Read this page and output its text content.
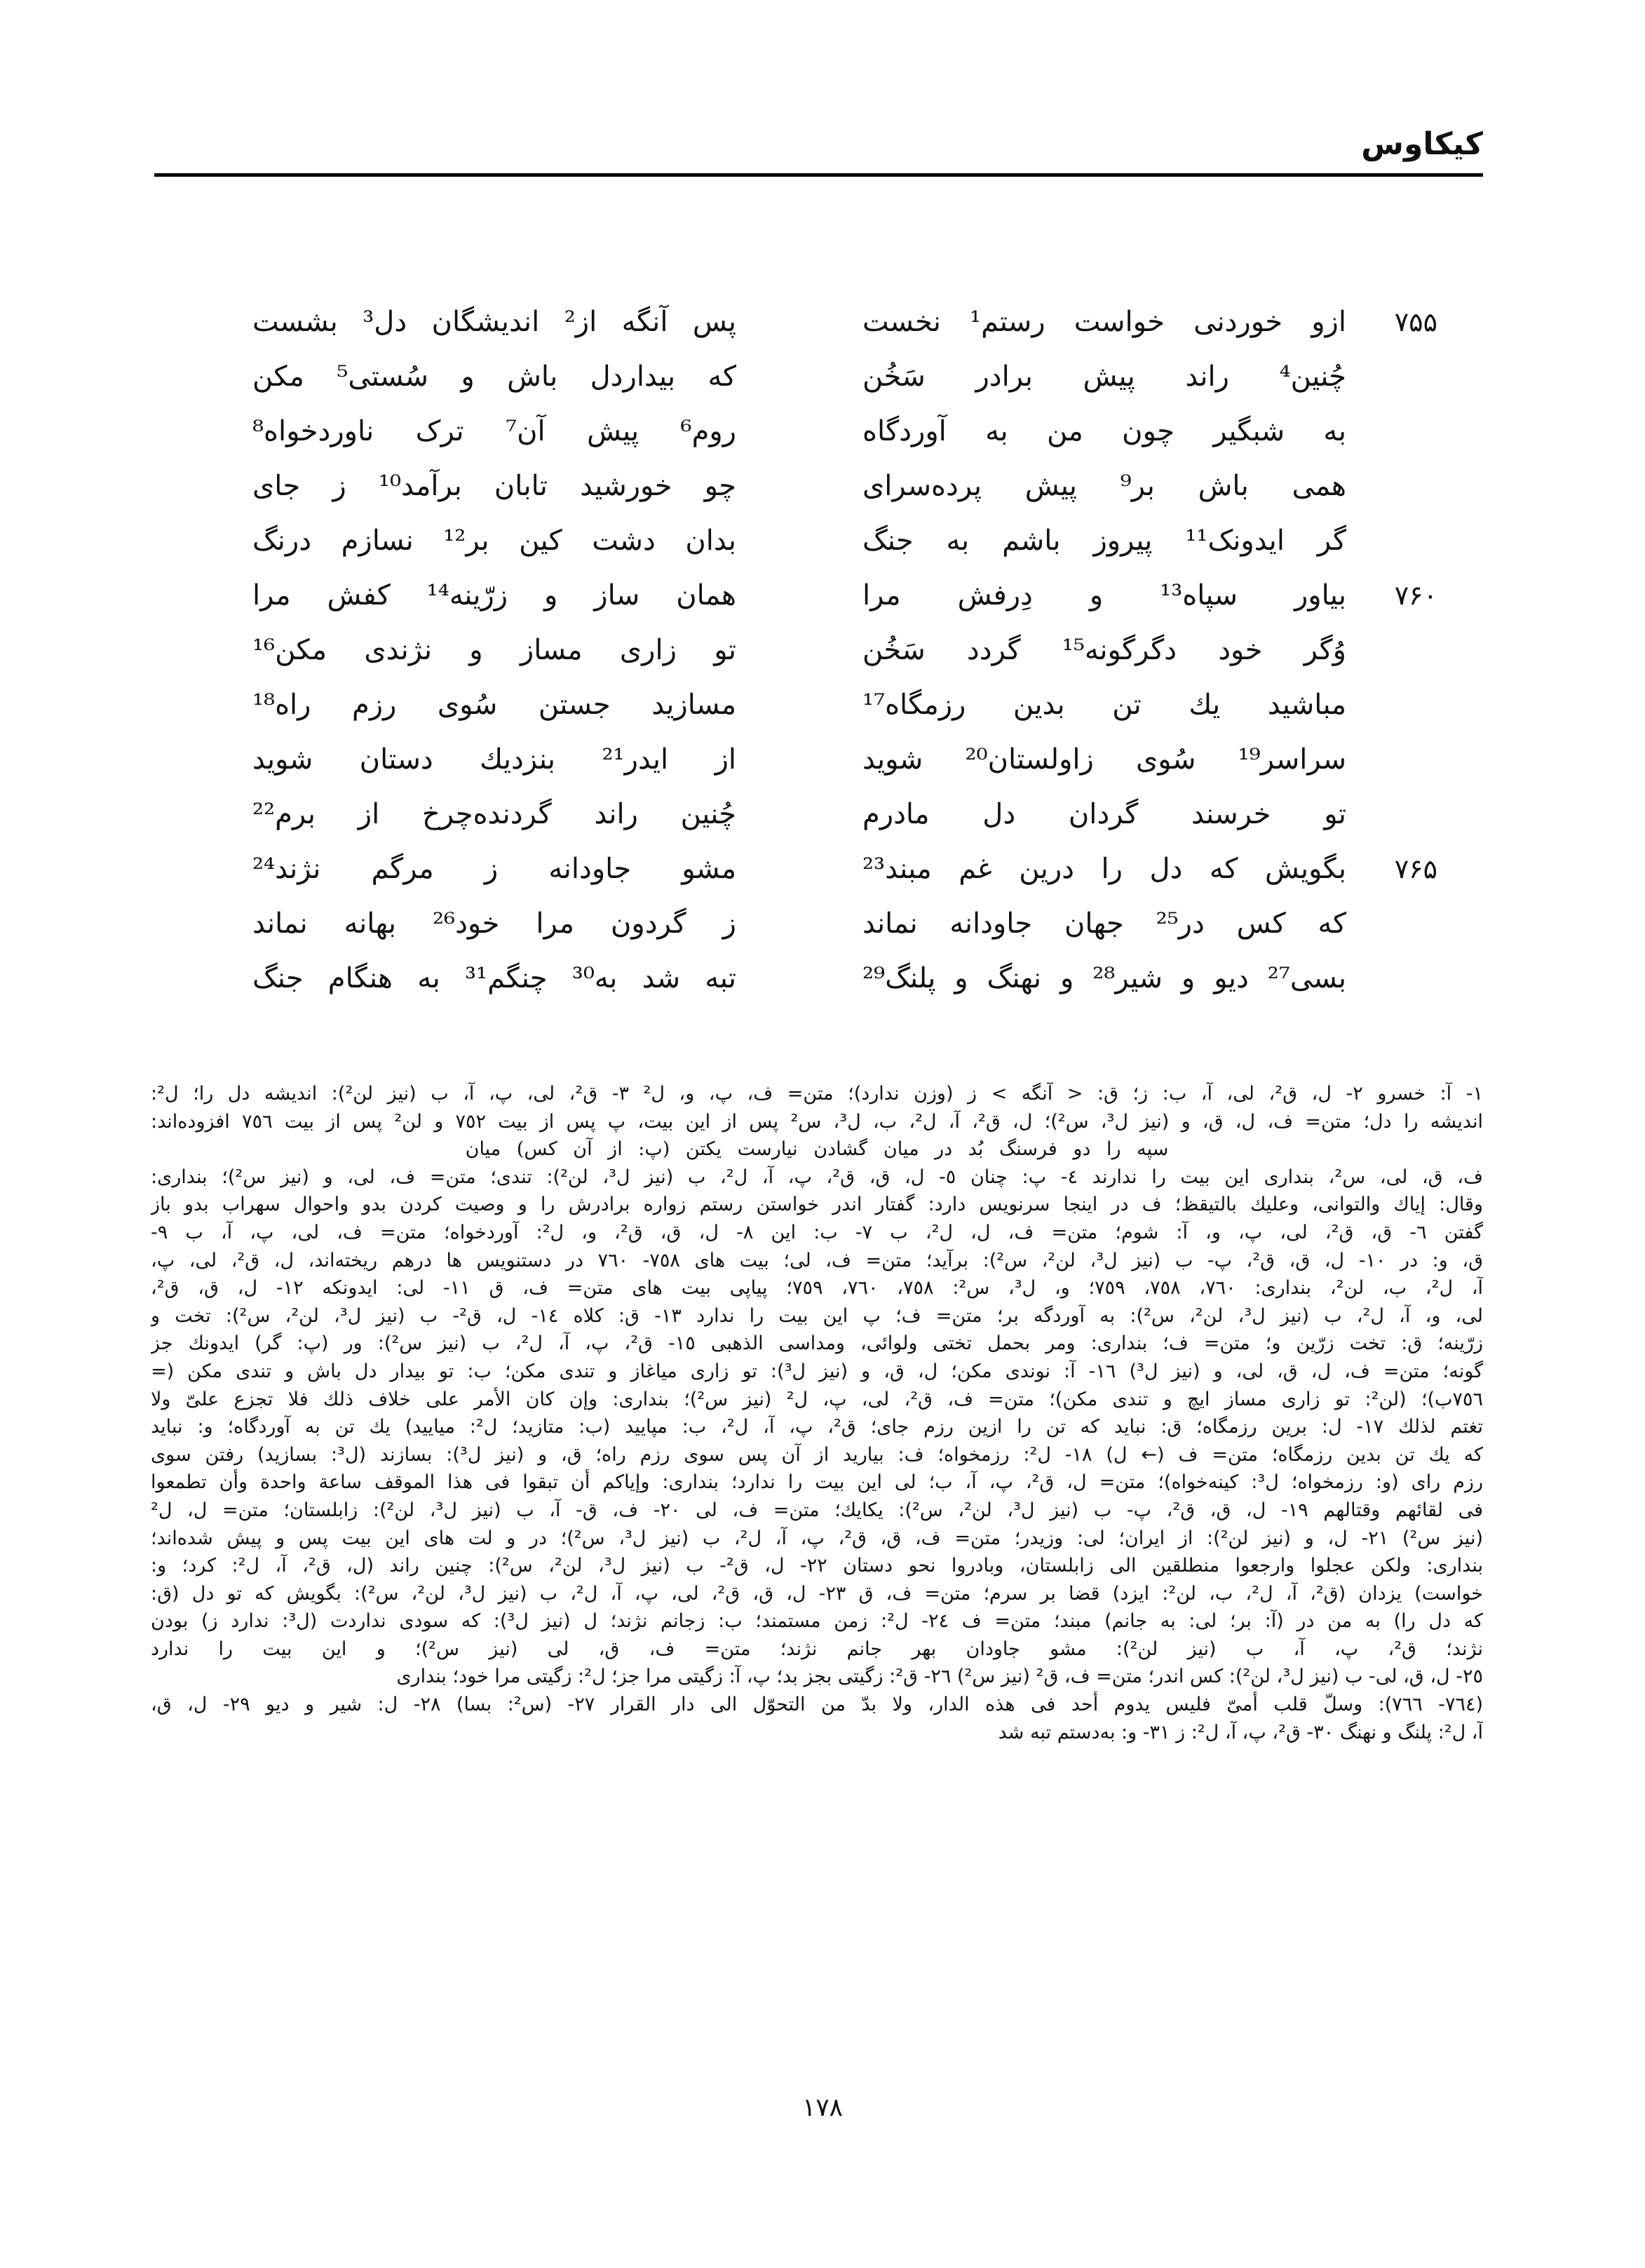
کیکاوس
۷۵۵
ازو خوردنی خواست رستم¹ نخست
پس آنگه از² اندیشگان دل³ بشست
چُنین⁴ راند پیش برادر سَخُن
که بیداردل باش و سُستی⁵ مکن
به شبگیر چون من به آوردگاه
روم⁶ پیش آن⁷ ترک ناوردخواه⁸
همی باش بر⁹ پیش پرده‌سرای
چو خورشید تابان برآمد¹⁰ ز جای
گر ایدونک¹¹ پیروز باشم به جنگ
بدان دشت کین بر¹² نسازم درنگ
۷۶۰
بیاور سپاه¹³ و دِرفش مرا
همان ساز و زرّینه¹⁴ کفش مرا
وُگر خود دگرگونه¹⁵ گردد سَخُن
تو زاری مساز و نژندی مکن¹⁶
مباشید یك تن بدین رزمگاه¹⁷
مسازید جستن سُوی رزم راه¹⁸
سراسر¹⁹ سُوی زاولستان²⁰ شوید
از ایدر²¹ بنزدیك دستان شوید
تو خرسند گردان دل مادرم
چُنین راند گردنده‌چرخ از برم²²
۷۶۵
بگویش که دل را درین غم مبند²³
مشو جاودانه ز مرگم نژند²⁴
که کس در²⁵ جهان جاودانه نماند
ز گردون مرا خود²⁶ بهانه نماند
بسی²⁷ دیو و شیر²⁸ و نهنگ و پلنگ²⁹
تبه شد به³⁰ چنگم³¹ به هنگام جنگ
١- آ: خسرو ٢- ل، ق²، لی، آ، ب: ز؛ ق: < آنگه > ز (وزن ندارد)؛ متن= ف، پ، و، ل² ٣- ق²، لی، پ، آ، ب (نیز لن²): اندیشه دل را؛ ل²:
اندیشه را دل؛ متن= ف، ل، ق، و (نیز ل³، س²)؛ ل، ق²، آ، ل²، ب، ل³، س² پس از این بیت، پ پس از بیت ٧٥٢ و لن² پس از بیت ٧٥٦ افزوده‌اند:
سپه را دو فرسنگ بُد در میان گشادن نیارست یکتن (پ: از آن کس) میان
ف، ق، لی، س²، بنداری این بیت را ندارند ٤- پ: چنان ٥- ل، ق، ق²، پ، آ، ل²، ب (نیز ل³، لن²): تندی؛ متن= ف، لی، و (نیز س²)؛ بنداری:
وقال: إیاك والتوانی، وعلیك بالتیقظ؛ ف در اینجا سرنویس دارد: گفتار اندر خواستن رستم زواره برادرش را و وصیت کردن بدو واحوال سهراب بدو باز
گفتن ٦- ق، ق²، لی، پ، و، آ: شوم؛ متن= ف، ل، ل²، ب ٧- ب: این ٨- ل، ق، ق²، و، ل²: آوردخواه؛ متن= ف، لی، پ، آ، ب ٩-
ق، و: در ١٠- ل، ق، ق²، پ- ب (نیز ل³، لن²، س²): برآید؛ متن= ف، لی؛ بیت های ٧٥٨- ٧٦٠ در دستنویس ها درهم ریخته‌اند، ل، ق²، لی، پ،
آ، ل²، ب، لن²، بنداری: ٧٦٠، ٧٥٨، ٧٥٩؛ و، ل³، س²: ٧٥٨، ٧٦٠، ٧٥٩؛ پیاپی بیت های متن= ف، ق ١١- لی: ایدونکه ١٢- ل، ق، ق²،
لی، و، آ، ل²، ب (نیز ل³، لن²، س²): به آوردگه بر؛ متن= ف؛ پ این بیت را ندارد ١٣- ق: کلاه ١٤- ل، ق²- ب (نیز ل³، لن²، س²): تخت و
زرّینه؛ ق: تخت زرّین و؛ متن= ف؛ بنداری: ومر بحمل تختی ولوائی، ومداسی الذهبی ١٥- ق²، پ، آ، ل²، ب (نیز س²): ور (پ: گر) ایدونك جز
گونه؛ متن= ف، ل، ق، لی، و (نیز ل³) ١٦- آ: نوندی مکن؛ ل، ق، و (نیز ل³): تو زاری میاغاز و تندی مکن؛ ب: تو بیدار دل باش و تندی مکن (=
٧٥٦ب)؛ (لن²: تو زاری مساز ایچ و تندی مکن)؛ متن= ف، ق²، لی، پ، ل² (نیز س²)؛ بنداری: وإن کان الأمر علی خلاف ذلك فلا تجزع علیّ ولا
تغتم لذلك ١٧- ل: برین رزمگاه؛ ق: نباید که تن را ازین رزم جای؛ ق²، پ، آ، ل²، ب: مپایید (ب: متازید؛ ل²: میایید) یك تن به آوردگاه؛ و: نباید
که یك تن بدین رزمگاه؛ متن= ف (← ل) ١٨- ل²: رزمخواه؛ ف: بیارید از آن پس سوی رزم راه؛ ق، و (نیز ل³): بسازند (ل³: بسازید) رفتن سوی
رزم رای (و: رزمخواه؛ ل³: کینه‌خواه)؛ متن= ل، ق²، پ، آ، ب؛ لی این بیت را ندارد؛ بنداری: وإیاکم أن تبقوا فی هذا الموقف ساعة واحدة وأن تطمعوا
فی لقائهم وقتالهم ١٩- ل، ق، ق²، پ- ب (نیز ل³، لن²، س²): یکایك؛ متن= ف، لی ٢٠- ف، ق- آ، ب (نیز ل³، لن²): زابلستان؛ متن= ل، ل²
(نیز س²) ٢١- ل، و (نیز لن²): از ایران؛ لی: وزیدر؛ متن= ف، ق، ق²، پ، آ، ل²، ب (نیز ل³، س²)؛ در و لت های این بیت پس و پیش شده‌اند؛
بنداری: ولکن عجلوا وارجعوا منطلقین الی زابلستان، وبادروا نحو دستان ٢٢- ل، ق²- ب (نیز ل³، لن²، س²): چنین راند (ل، ق²، آ، ل²: کرد؛ و:
خواست) یزدان (ق²، آ، ل²، ب، لن²: ایزد) قضا بر سرم؛ متن= ف، ق ٢٣- ل، ق، ق²، لی، پ، آ، ل²، ب (نیز ل³، لن²، س²): بگویش که تو دل (ق:
که دل را) به من در (آ: بر؛ لی: به جانم) مبند؛ متن= ف ٢٤- ل²: زمن مستمند؛ ب: زجانم نژند؛ ل (نیز ل³): که سودی نداردت (ل³: ندارد ز) بودن
نژند؛ ق²، پ، آ، ب (نیز لن²): مشو جاودان بهر جانم نژند؛ متن= ف، ق، لی (نیز س²)؛ و این بیت را ندارد
٢٥- ل، ق، لی- ب (نیز ل³، لن²): کس اندر؛ متن= ف، ق² (نیز س²) ٢٦- ق²: زگیتی بجز بد؛ پ، آ: زگیتی مرا جز؛ ل²: زگیتی مرا خود؛ بنداری
(٧٦٤- ٧٦٦): وسلّ قلب أمیّ فلیس یدوم أحد فی هذه الدار، ولا بدّ من التحوّل الی دار القرار ٢٧- (س²: بسا) ٢٨- ل: شیر و دیو ٢٩- ل، ق،
آ، ل²: پلنگ و نهنگ ٣٠- ق²، پ، آ، ل²: ز ٣١- و: به‌دستم تبه شد
۱۷۸
